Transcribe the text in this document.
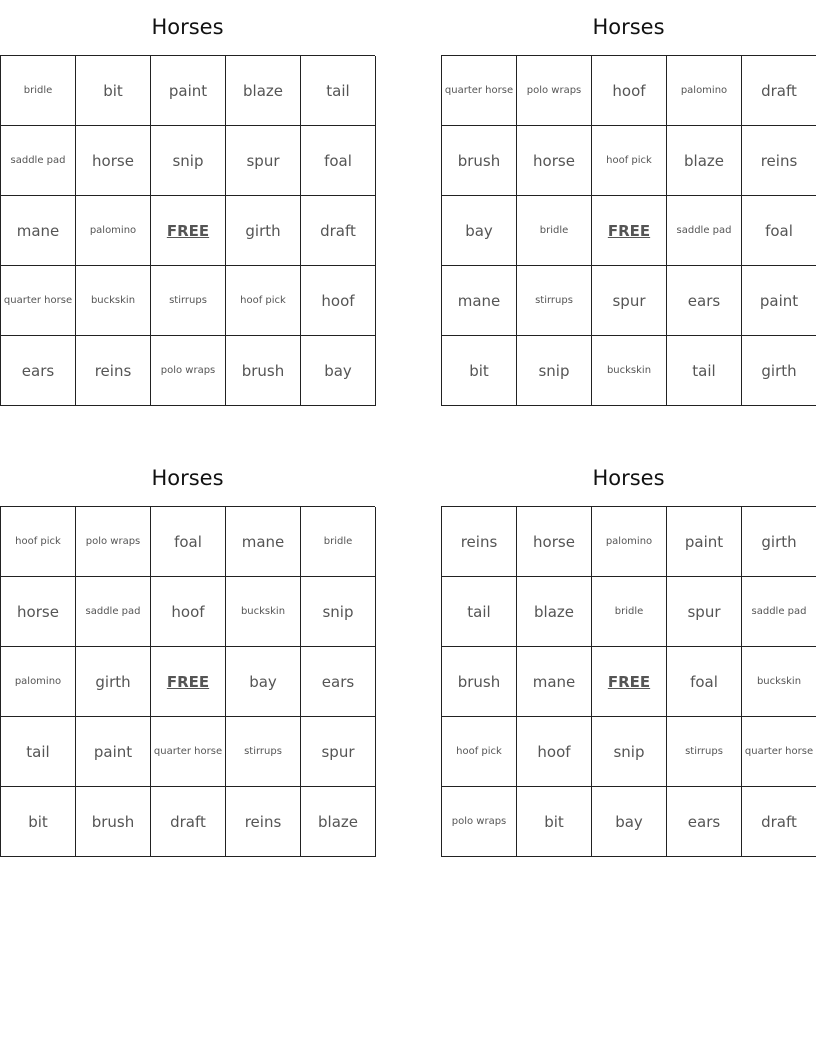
Horses
bridle	bit	paint	blaze	tail
saddle pad	horse	snip	spur	foal
mane	palomino	FREE	girth	draft
quarter horse	buckskin	stirrups	hoof pick	hoof
ears	reins	polo wraps	brush	bay
Horses
quarter horse	polo wraps	hoof	palomino	draft
brush	horse	hoof pick	blaze	reins
bay	bridle	FREE	saddle pad	foal
mane	stirrups	spur	ears	paint
bit	snip	buckskin	tail	girth
Horses
hoof pick	polo wraps	foal	mane	bridle
horse	saddle pad	hoof	buckskin	snip
palomino	girth	FREE	bay	ears
tail	paint	quarter horse	stirrups	spur
bit	brush	draft	reins	blaze
Horses
reins	horse	palomino	paint	girth
tail	blaze	bridle	spur	saddle pad
brush	mane	FREE	foal	buckskin
hoof pick	hoof	snip	stirrups	quarter horse
polo wraps	bit	bay	ears	draft
